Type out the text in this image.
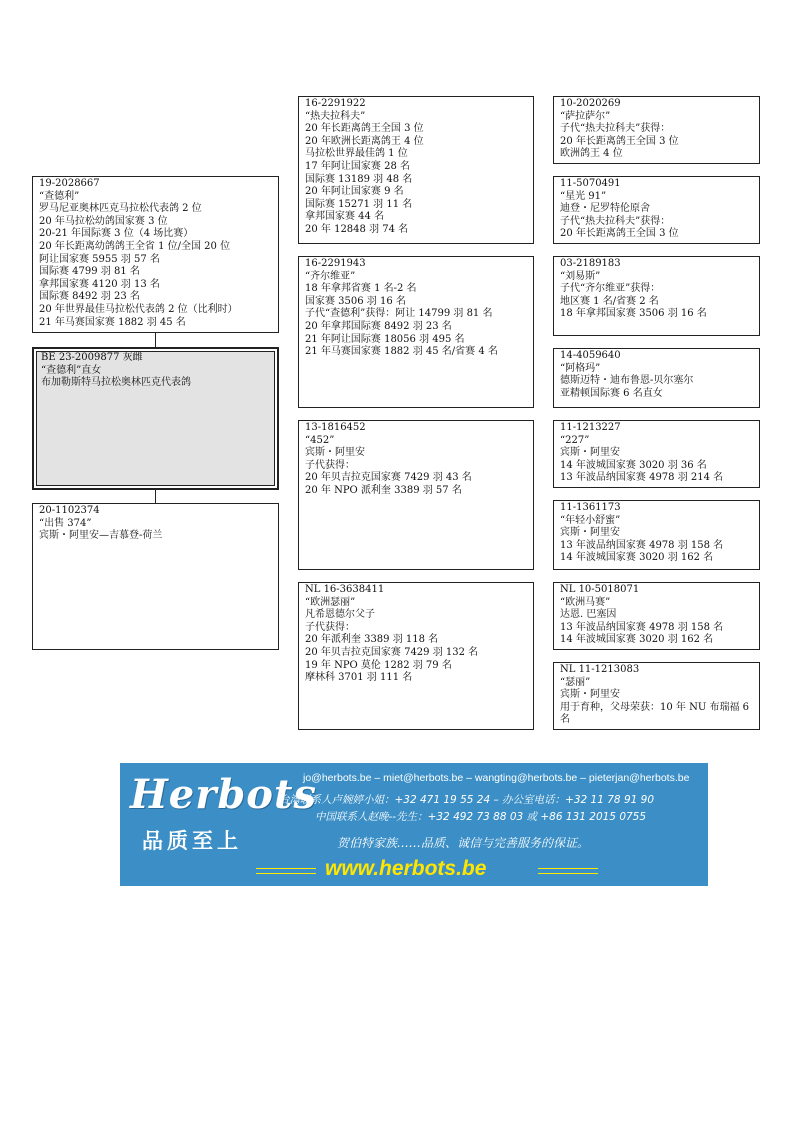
19-2028667
“查德利”
罗马尼亚奥林匹克马拉松代表鸽 2 位
20 年马拉松幼鸽国家赛 3 位
20-21 年国际赛 3 位（4 场比赛）
20 年长距离幼鸽鸽王全省 1 位/全国 20 位
阿让国家赛 5955 羽 57 名
国际赛 4799 羽 81 名
拿邦国家赛 4120 羽 13 名
国际赛 8492 羽 23 名
20 年世界最佳马拉松代表鸽 2 位（比利时）
21 年马赛国家赛 1882 羽 45 名
BE 23-2009877 灰雌
“查德利”直女
布加勒斯特马拉松奥林匹克代表鸽
20-1102374
“出售 374”
宾斯・阿里安—吉慕登-荷兰
16-2291922
“热夫拉科夫”
20 年长距离鸽王全国 3 位
20 年欧洲长距离鸽王 4 位
马拉松世界最佳鸽 1 位
17 年阿让国家赛 28 名
国际赛 13189 羽 48 名
20 年阿让国家赛 9 名
国际赛 15271 羽 11 名
拿邦国家赛 44 名
20 年 12848 羽 74 名
16-2291943
“齐尔维亚”
18 年拿邦省赛 1 名-2 名
国家赛 3506 羽 16 名
子代“查德利”获得：阿让 14799 羽 81 名
20 年拿邦国际赛 8492 羽 23 名
21 年阿让国际赛 18056 羽 495 名
21 年马赛国家赛 1882 羽 45 名/省赛 4 名
13-1816452
“452”
宾斯・阿里安
子代获得：
20 年贝吉拉克国家赛 7429 羽 43 名
20 年 NPO 派利奎 3389 羽 57 名
NL 16-3638411
“欧洲瑟丽”
凡希恩德尔父子
子代获得：
20 年派利奎 3389 羽 118 名
20 年贝吉拉克国家赛 7429 羽 132 名
19 年 NPO 莫伦 1282 羽 79 名
摩林科 3701 羽 111 名
10-2020269
“萨拉萨尔”
子代“热夫拉科夫”获得：
20 年长距离鸽王全国 3 位
欧洲鸽王 4 位
11-5070491
“星光 91”
迪登・尼罗特伦原舍
子代“热夫拉科夫”获得：
20 年长距离鸽王全国 3 位
03-2189183
“刘易斯”
子代“齐尔维亚”获得：
地区赛 1 名/省赛 2 名
18 年拿邦国家赛 3506 羽 16 名
14-4059640
“阿格玛”
德斯迈特・迪布鲁恩-贝尔塞尔
亚精顿国际赛 6 名直女
11-1213227
“227”
宾斯・阿里安
14 年波城国家赛 3020 羽 36 名
13 年波品纳国家赛 4978 羽 214 名
11-1361173
“年轻小舒蜜”
宾斯・阿里安
13 年波品纳国家赛 4978 羽 158 名
14 年波城国家赛 3020 羽 162 名
NL 10-5018071
“欧洲马赛”
达恩. 巴塞因
13 年波品纳国家赛 4978 羽 158 名
14 年波城国家赛 3020 羽 162 名
NL 11-1213083
“瑟丽”
宾斯・阿里安
用于育种，父母荣获：10 年 NU 布瑞福 6 名
Herbots
品质至上
jo@herbots.be – miet@herbots.be – wangting@herbots.be – pieterjan@herbots.be
台湾联系人卢婉婷小姐：+32 471 19 55 24 – 办公室电话：+32 11 78 91 90
中国联系人赵晚--先生：+32 492 73 88 03 或 +86 131 2015 0755
贺伯特家族……品质、诚信与完善服务的保证。
www.herbots.be
